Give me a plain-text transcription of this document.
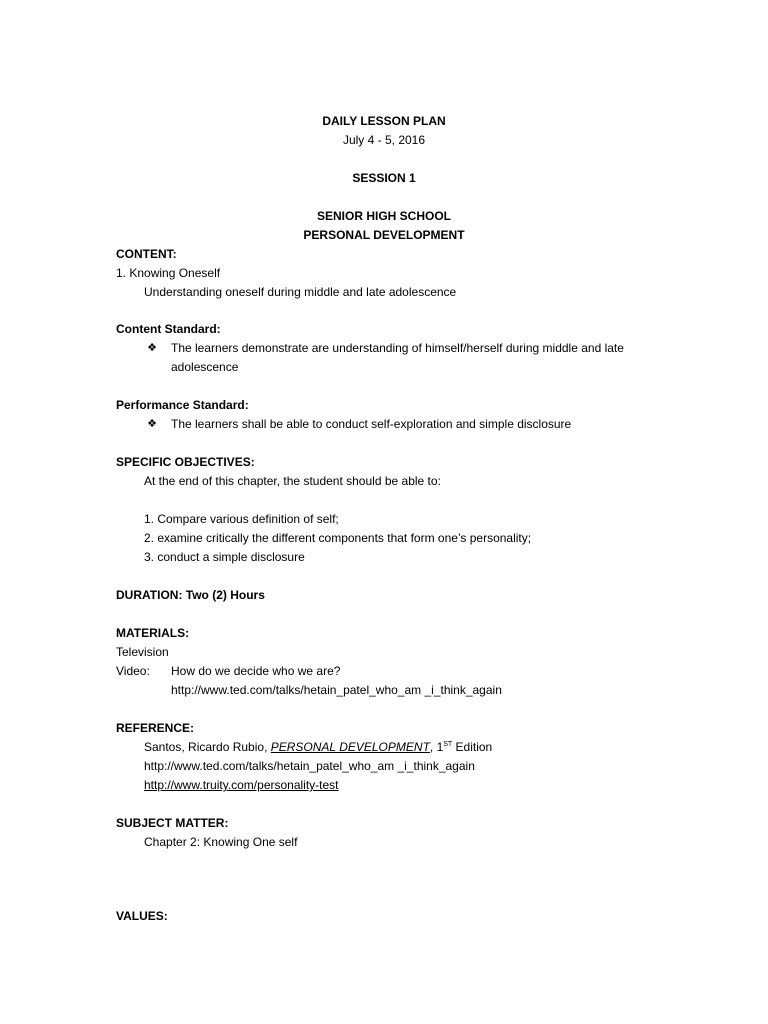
DAILY LESSON PLAN
July 4 - 5, 2016
SESSION 1
SENIOR HIGH SCHOOL
PERSONAL DEVELOPMENT
CONTENT:
1. Knowing Oneself
Understanding oneself during middle and late adolescence
Content Standard:
❖ The learners demonstrate are understanding of himself/herself during middle and late
adolescence
Performance Standard:
❖ The learners shall be able to conduct self-exploration and simple disclosure
SPECIFIC OBJECTIVES:
At the end of this chapter, the student should be able to:
1. Compare various definition of self;
2. examine critically the different components that form one’s personality;
3. conduct a simple disclosure
DURATION: Two (2) Hours
MATERIALS:
Television
Video: How do we decide who we are?
http://www.ted.com/talks/hetain_patel_who_am _i_think_again
REFERENCE:
Santos, Ricardo Rubio, PERSONAL DEVELOPMENT, 1ST Edition
http://www.ted.com/talks/hetain_patel_who_am _i_think_again
http://www.truity.com/personality-test
SUBJECT MATTER:
Chapter 2: Knowing One self
VALUES:
